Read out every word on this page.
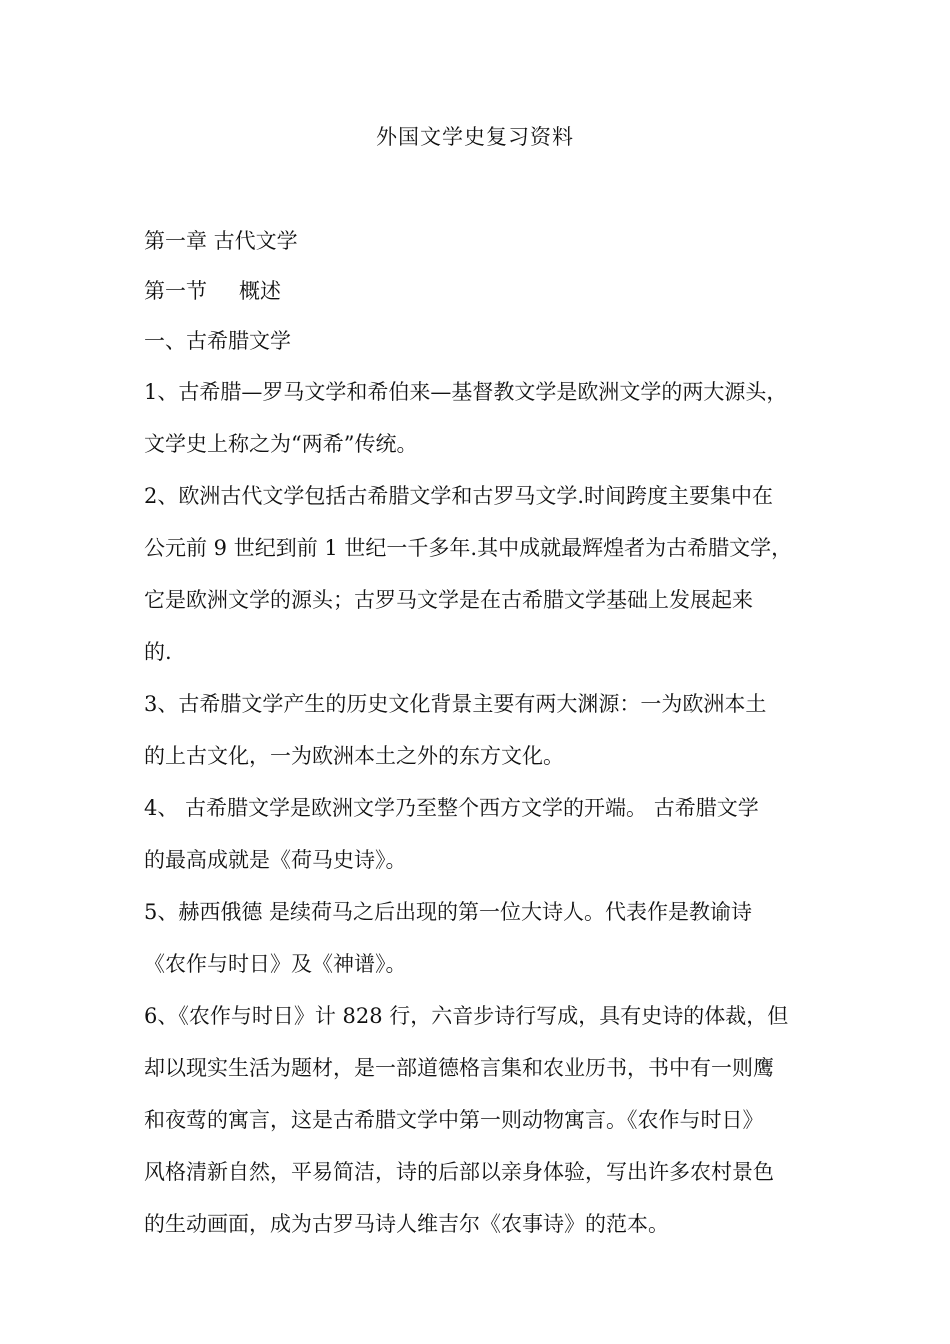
外国文学史复习资料
第一章 古代文学
第一节 概述
一、古希腊文学
1、古希腊—罗马文学和希伯来—基督教文学是欧洲文学的两大源头，
文学史上称之为“两希”传统。
2、欧洲古代文学包括古希腊文学和古罗马文学.时间跨度主要集中在
公元前 9 世纪到前 1 世纪一千多年.其中成就最辉煌者为古希腊文学，
它是欧洲文学的源头；古罗马文学是在古希腊文学基础上发展起来
的.
3、古希腊文学产生的历史文化背景主要有两大渊源：一为欧洲本土
的上古文化，一为欧洲本土之外的东方文化。
4、 古希腊文学是欧洲文学乃至整个西方文学的开端。 古希腊文学
的最高成就是《荷马史诗》。
5、赫西俄德 是续荷马之后出现的第一位大诗人。代表作是教谕诗
《农作与时日》及《神谱》。
6、《农作与时日》计 828 行，六音步诗行写成，具有史诗的体裁，但
却以现实生活为题材，是一部道德格言集和农业历书，书中有一则鹰
和夜莺的寓言，这是古希腊文学中第一则动物寓言。《农作与时日》
风格清新自然，平易简洁，诗的后部以亲身体验，写出许多农村景色
的生动画面，成为古罗马诗人维吉尔《农事诗》的范本。
